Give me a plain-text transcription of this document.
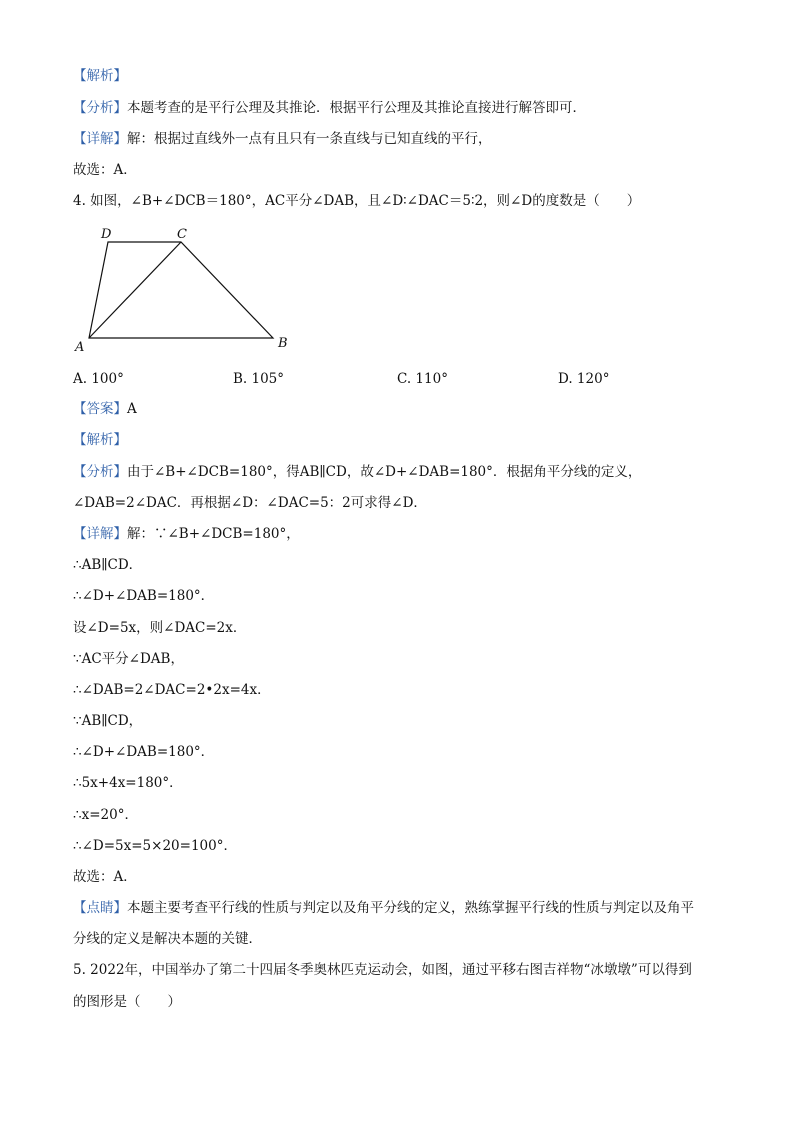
【解析】
【分析】本题考查的是平行公理及其推论．根据平行公理及其推论直接进行解答即可．
【详解】解：根据过直线外一点有且只有一条直线与已知直线的平行，
故选：A．
4. 如图，∠B+∠DCB＝180°，AC平分∠DAB，且∠D∶∠DAC＝5∶2，则∠D的度数是（　　）
D	C
A	B
A. 100°	B. 105°	C. 110°	D. 120°
【答案】A
【解析】
【分析】由于∠B+∠DCB=180°，得AB∥CD，故∠D+∠DAB=180°．根据角平分线的定义，
∠DAB=2∠DAC．再根据∠D：∠DAC=5：2可求得∠D．
【详解】解：∵∠B+∠DCB=180°，
∴AB∥CD．
∴∠D+∠DAB=180°．
设∠D=5x，则∠DAC=2x．
∵AC平分∠DAB，
∴∠DAB=2∠DAC=2•2x=4x．
∵AB∥CD，
∴∠D+∠DAB=180°．
∴5x+4x=180°．
∴x=20°．
∴∠D=5x=5×20=100°．
故选：A．
【点睛】本题主要考查平行线的性质与判定以及角平分线的定义，熟练掌握平行线的性质与判定以及角平
分线的定义是解决本题的关键．
5. 2022年，中国举办了第二十四届冬季奥林匹克运动会，如图，通过平移右图吉祥物“冰墩墩”可以得到
的图形是（　　）
